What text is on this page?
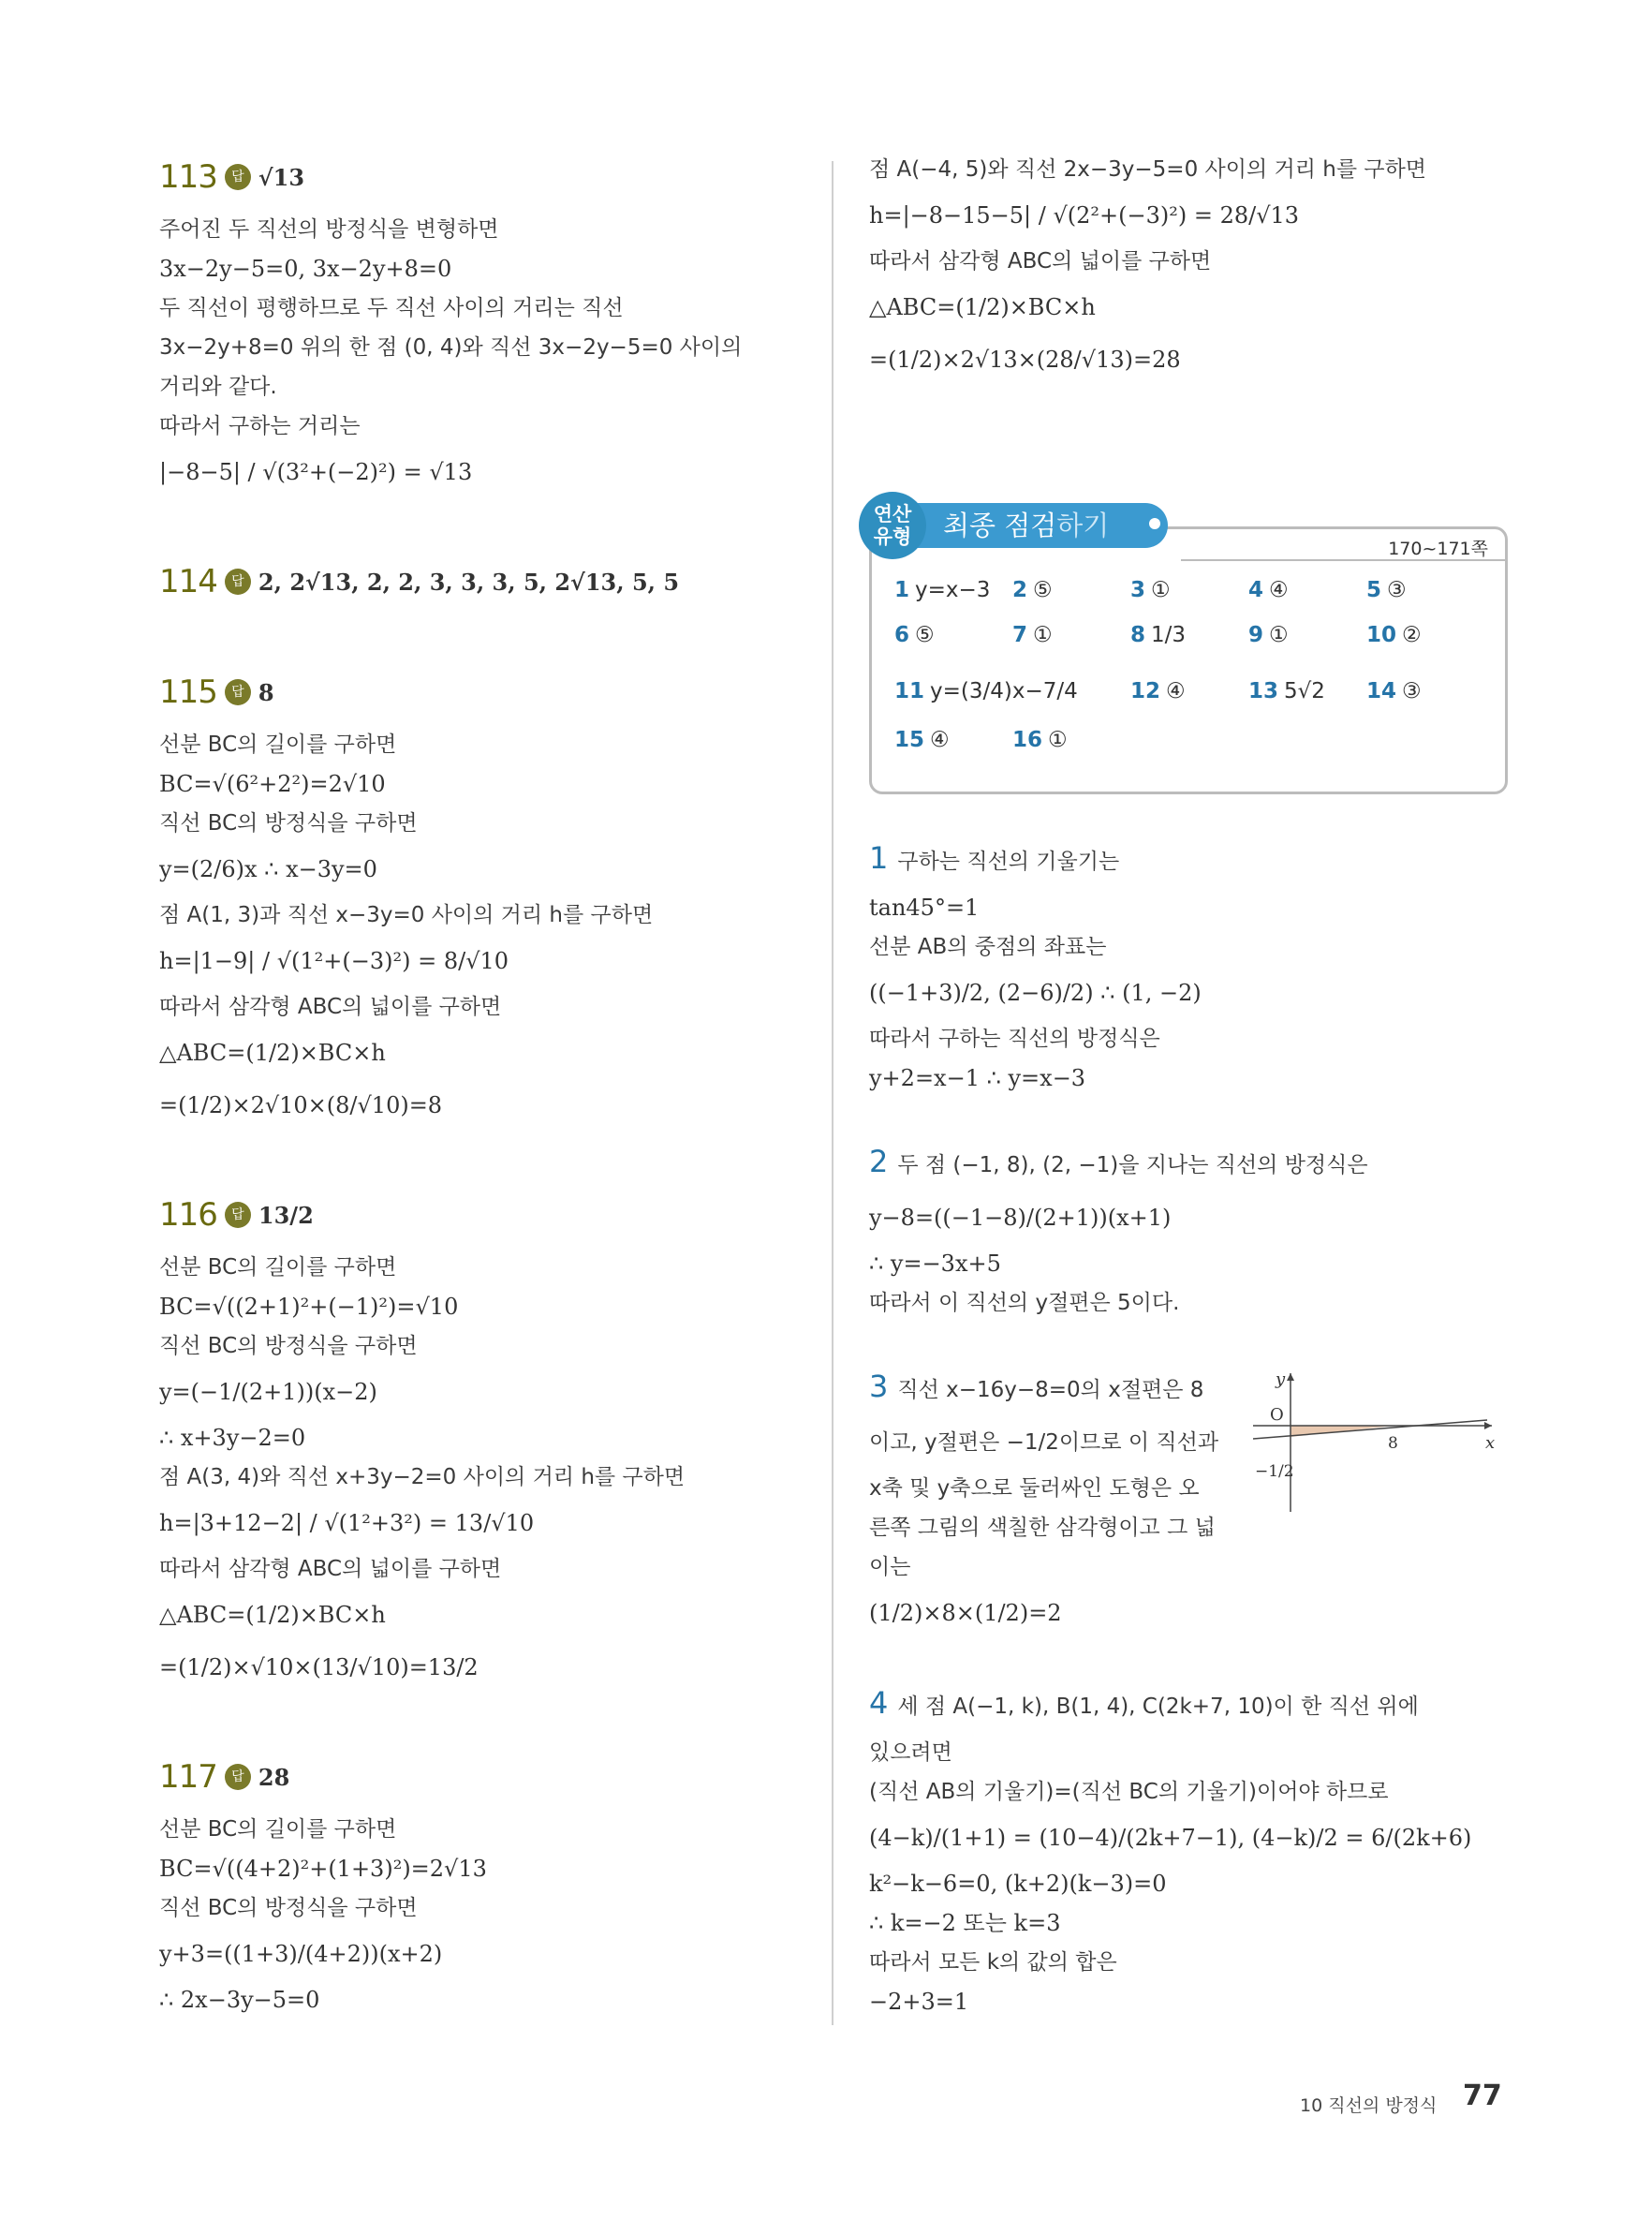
113	답 √13
주어진 두 직선의 방정식을 변형하면
3x−2y−5=0, 3x−2y+8=0
두 직선이 평행하므로 두 직선 사이의 거리는 직선
3x−2y+8=0 위의 한 점 (0, 4)와 직선 3x−2y−5=0 사이의
거리와 같다.
따라서 구하는 거리는
|−8−5| / √(3²+(−2)²) = √13
114	답 2, 2√13, 2, 2, 3, 3, 3, 5, 2√13, 5, 5
115	답 8
선분 BC의 길이를 구하면
BC=√(6²+2²)=2√10
직선 BC의 방정식을 구하면
y=(2/6)x ∴ x−3y=0
점 A(1, 3)과 직선 x−3y=0 사이의 거리 h를 구하면
h=|1−9| / √(1²+(−3)²) = 8/√10
따라서 삼각형 ABC의 넓이를 구하면
△ABC=(1/2)×BC×h
=(1/2)×2√10×(8/√10)=8
116	답 13/2
선분 BC의 길이를 구하면
BC=√((2+1)²+(−1)²)=√10
직선 BC의 방정식을 구하면
y=(−1/(2+1))(x−2)
∴ x+3y−2=0
점 A(3, 4)와 직선 x+3y−2=0 사이의 거리 h를 구하면
h=|3+12−2| / √(1²+3²) = 13/√10
따라서 삼각형 ABC의 넓이를 구하면
△ABC=(1/2)×BC×h
=(1/2)×√10×(13/√10)=13/2
117	답 28
선분 BC의 길이를 구하면
BC=√((4+2)²+(1+3)²)=2√13
직선 BC의 방정식을 구하면
y+3=((1+3)/(4+2))(x+2)
∴ 2x−3y−5=0
점 A(−4, 5)와 직선 2x−3y−5=0 사이의 거리 h를 구하면
h=|−8−15−5| / √(2²+(−3)²) = 28/√13
따라서 삼각형 ABC의 넓이를 구하면
△ABC=(1/2)×BC×h
=(1/2)×2√13×(28/√13)=28
170~171쪽
최종 점검하기
연산
유형
1 y=x−3 2 ⑤	3 ①	4 ④	5 ③
6 ⑤	7 ①	8 1/3	9 ①	10 ②
11 y=(3/4)x−7/4 12 ④	13 5√2 14 ③
15 ④	16 ①
1 구하는 직선의 기울기는
tan45°=1
선분 AB의 중점의 좌표는
((−1+3)/2, (2−6)/2) ∴ (1, −2)
따라서 구하는 직선의 방정식은
y+2=x−1 ∴ y=x−3
2 두 점 (−1, 8), (2, −1)을 지나는 직선의 방정식은
y−8=((−1−8)/(2+1))(x+1)
∴ y=−3x+5
따라서 이 직선의 y절편은 5이다.
3 직선 x−16y−8=0의 x절편은 8
이고, y절편은 −1/2이므로 이 직선과
x축 및 y축으로 둘러싸인 도형은 오
른쪽 그림의 색칠한 삼각형이고 그 넓
이는
(1/2)×8×(1/2)=2
y
x
O
8
−1/2
4 세 점 A(−1, k), B(1, 4), C(2k+7, 10)이 한 직선 위에
있으려면
(직선 AB의 기울기)=(직선 BC의 기울기)이어야 하므로
(4−k)/(1+1) = (10−4)/(2k+7−1), (4−k)/2 = 6/(2k+6)
k²−k−6=0, (k+2)(k−3)=0
∴ k=−2 또는 k=3
따라서 모든 k의 값의 합은
−2+3=1
10 직선의 방정식 77
